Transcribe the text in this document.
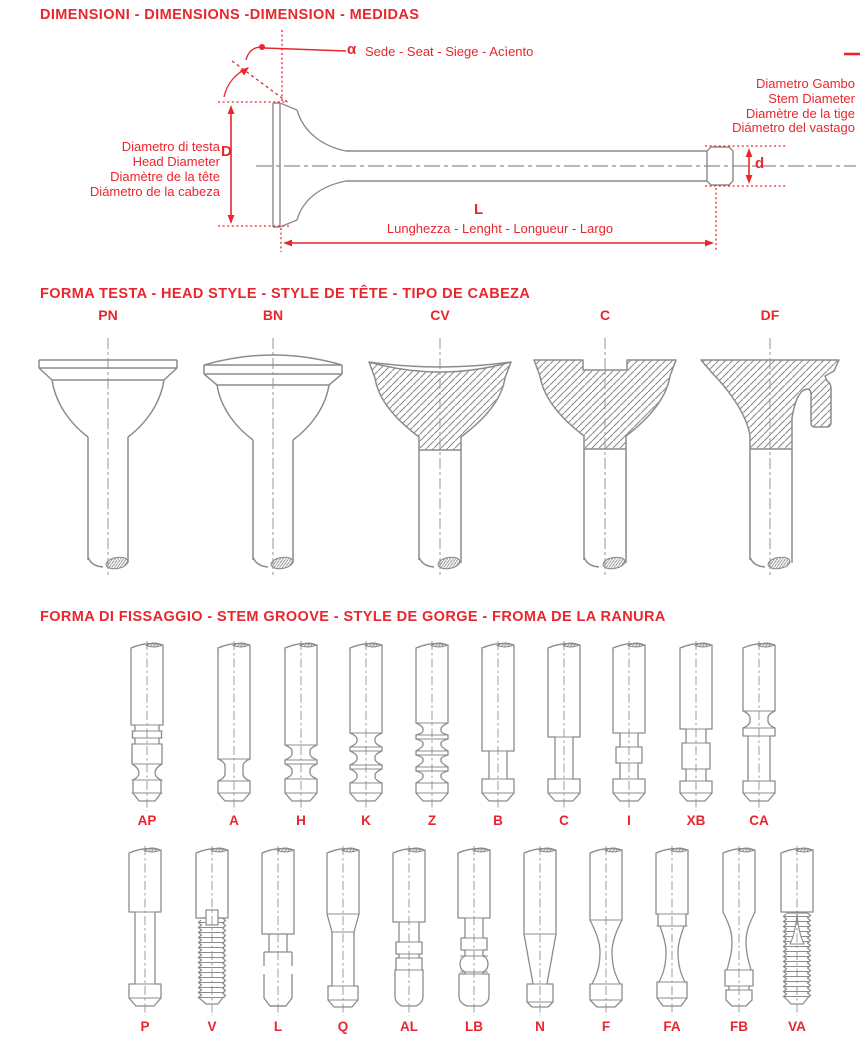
DIMENSIONI - DIMENSIONS -DIMENSION - MEDIDAS
α Sede - Seat - Siege - Acìento
Diametro Gambo
Stem Diameter
Diamètre de la tige
Diámetro del vastago
Diametro di testa
Head Diameter
Diamètre de la tête
Diámetro de la cabeza
D
L
Lunghezza - Lenght - Longueur - Largo
d
FORMA TESTA - HEAD STYLE - STYLE DE TÊTE - TIPO DE CABEZA
PN	BN	CV	C	DF
FORMA DI FISSAGGIO - STEM GROOVE - STYLE DE GORGE - FROMA DE LA RANURA
AP	A	H	K	Z	B	C	I	XB	CA
P	V	L	Q	AL	LB	N	F	FA	FB	VA
